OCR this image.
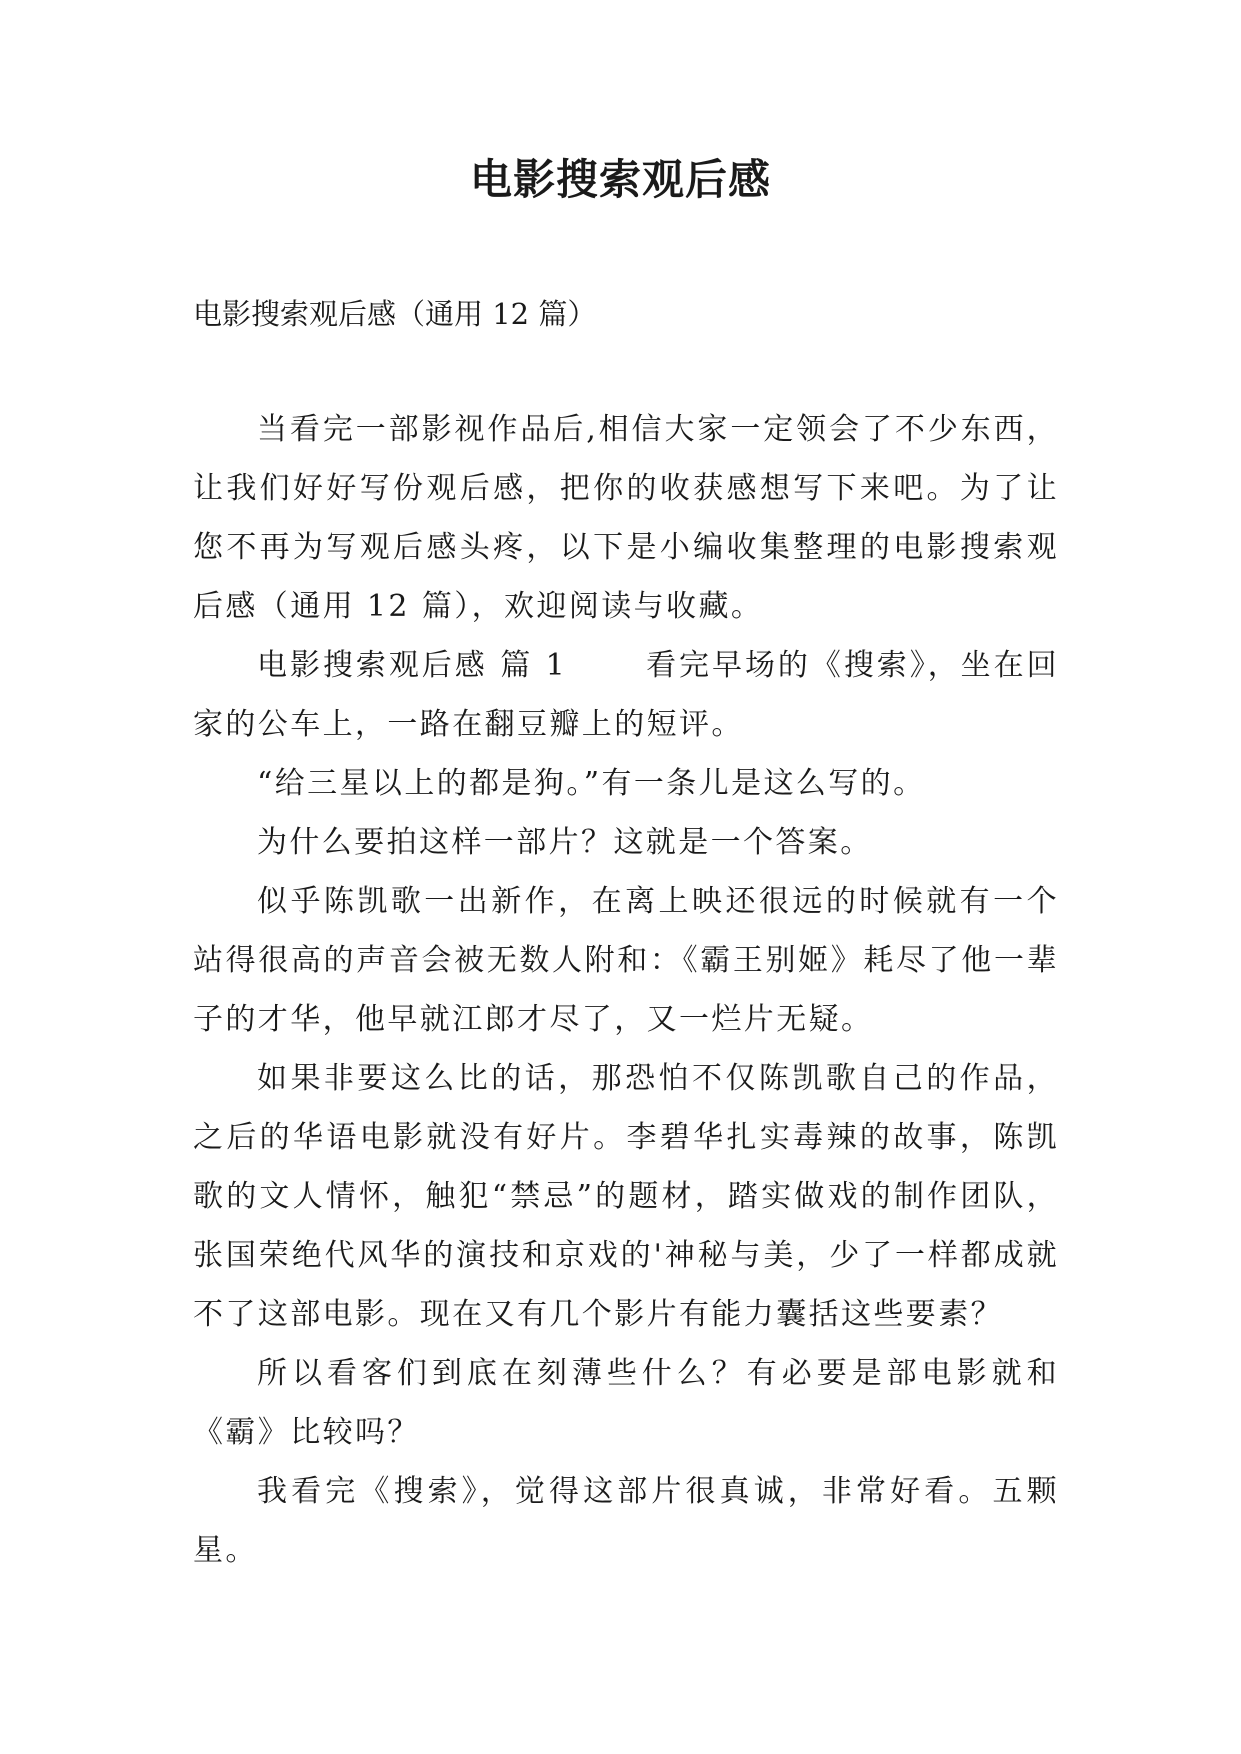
电影搜索观后感

电影搜索观后感（通用 12 篇）

当看完一部影视作品后,相信大家一定领会了不少东西，让我们好好写份观后感，把你的收获感想写下来吧。为了让您不再为写观后感头疼，以下是小编收集整理的电影搜索观后感（通用 12 篇），欢迎阅读与收藏。

电影搜索观后感 篇 1　　 看完早场的《搜索》，坐在回家的公车上，一路在翻豆瓣上的短评。

“给三星以上的都是狗。”有一条儿是这么写的。

为什么要拍这样一部片？这就是一个答案。

似乎陈凯歌一出新作，在离上映还很远的时候就有一个站得很高的声音会被无数人附和：《霸王别姬》耗尽了他一辈子的才华，他早就江郎才尽了，又一烂片无疑。

如果非要这么比的话，那恐怕不仅陈凯歌自己的作品，之后的华语电影就没有好片。李碧华扎实毒辣的故事，陈凯歌的文人情怀，触犯“禁忌”的题材，踏实做戏的制作团队，张国荣绝代风华的演技和京戏的'神秘与美，少了一样都成就不了这部电影。现在又有几个影片有能力囊括这些要素？

所以看客们到底在刻薄些什么？有必要是部电影就和《霸》比较吗？

我看完《搜索》，觉得这部片很真诚，非常好看。五颗星。
